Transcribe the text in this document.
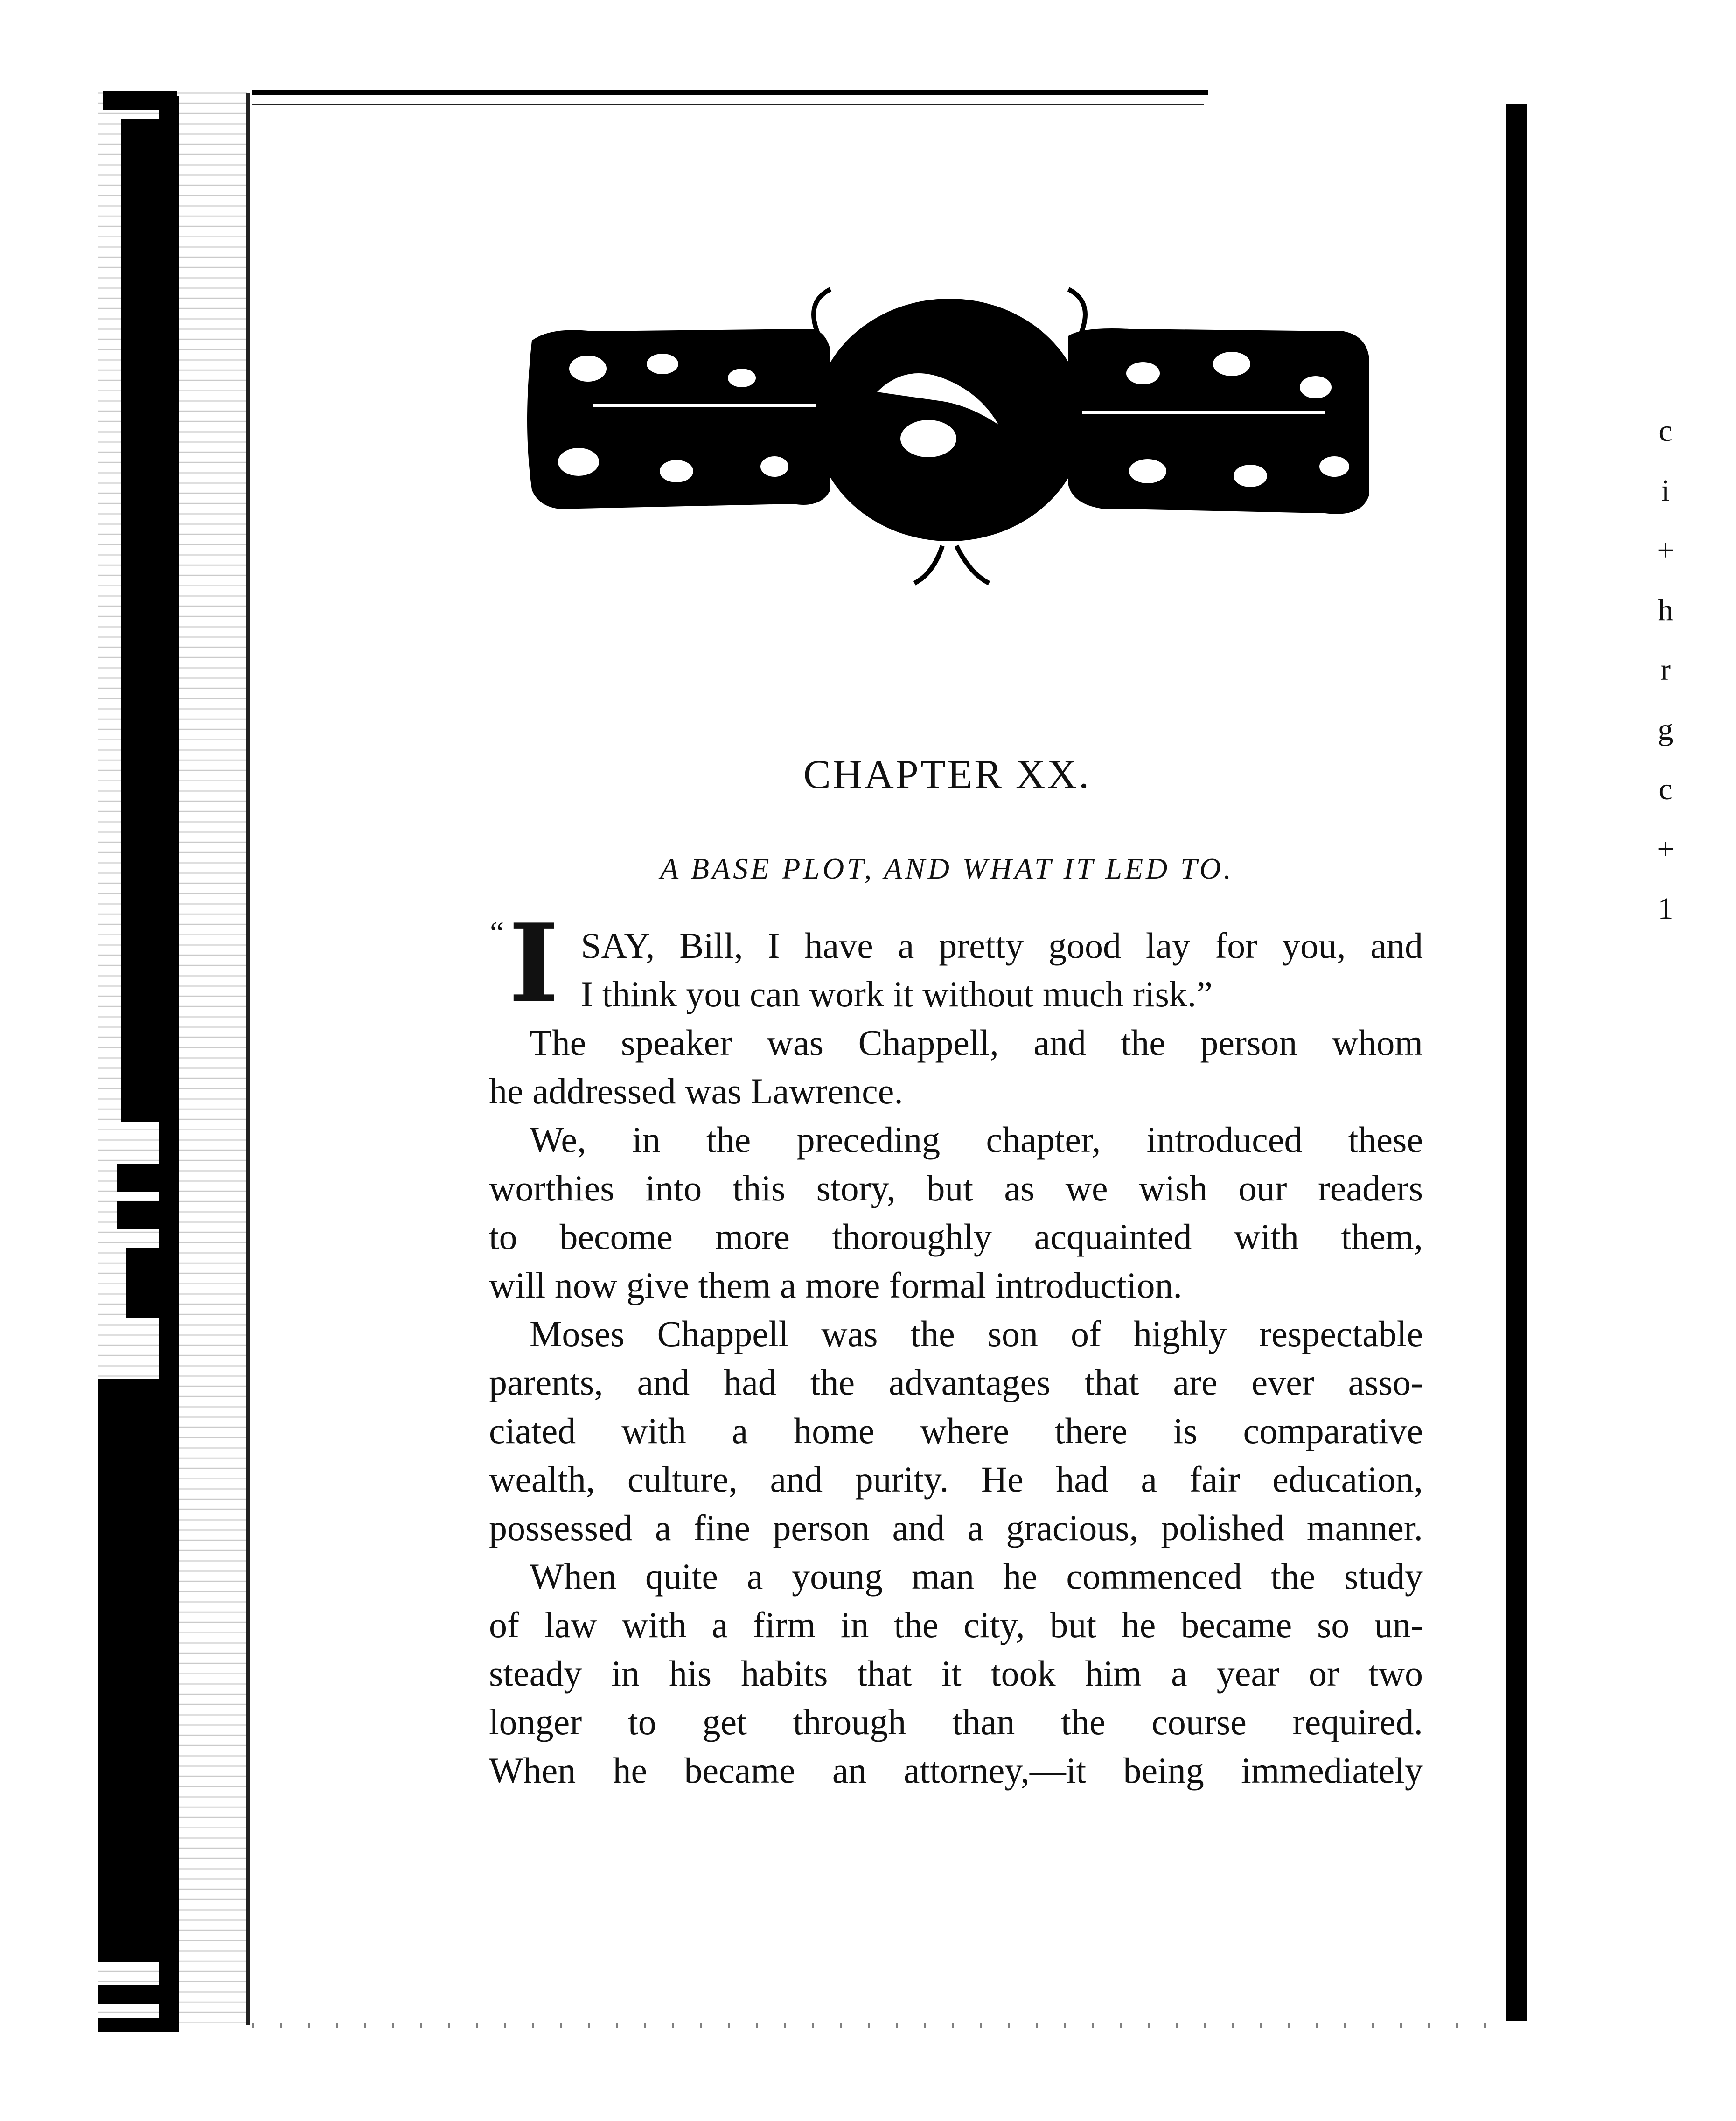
c
i
+
h
r
g
c
+
1
CHAPTER XX.
A BASE PLOT, AND WHAT IT LED TO.
“ I SAY, Bill, I have a pretty good lay for you, and
I think you can work it without much risk.”
The speaker was Chappell, and the person whom
he addressed was Lawrence.
We, in the preceding chapter, introduced these
worthies into this story, but as we wish our readers
to become more thoroughly acquainted with them,
will now give them a more formal introduction.
Moses Chappell was the son of highly respectable
parents, and had the advantages that are ever asso-
ciated with a home where there is comparative
wealth, culture, and purity. He had a fair education,
possessed a fine person and a gracious, polished manner.
When quite a young man he commenced the study
of law with a firm in the city, but he became so un-
steady in his habits that it took him a year or two
longer to get through than the course required.
When he became an attorney,—it being immediately
